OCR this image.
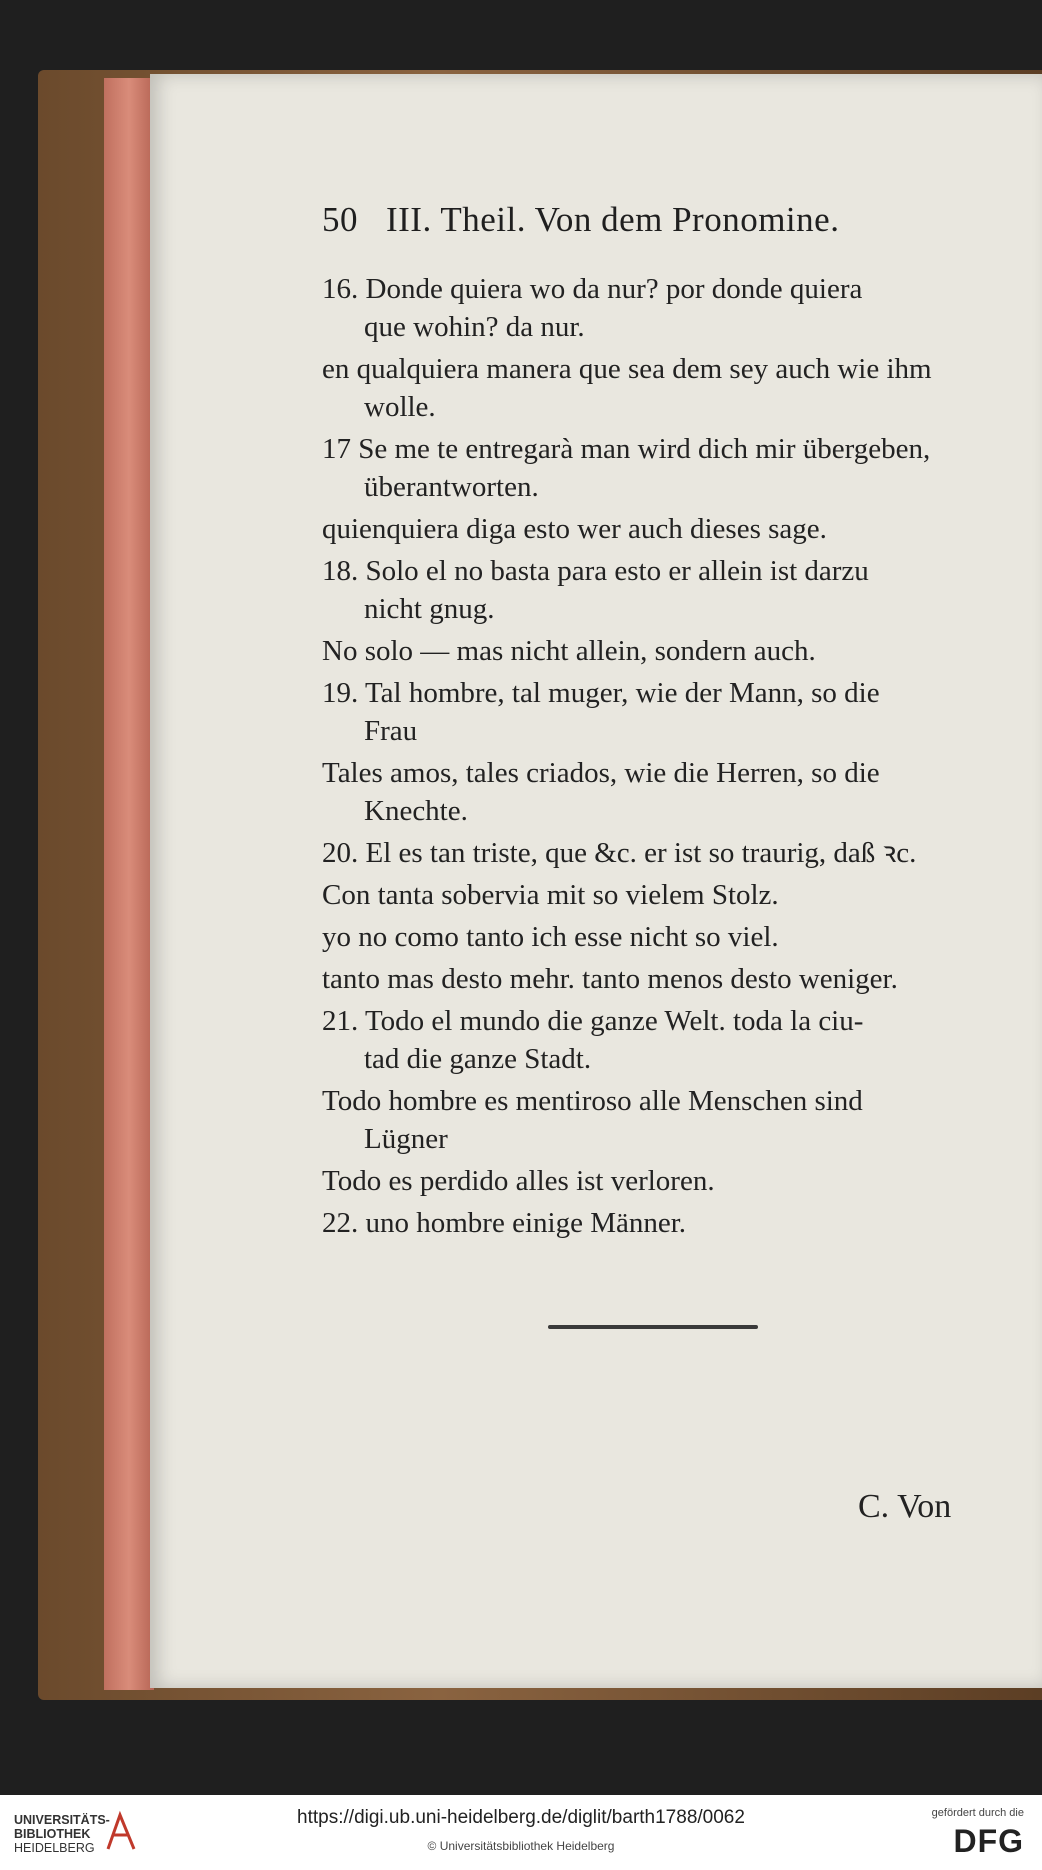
50 III. Theil. Von dem Pronomine.
16. Donde quiera wo da nur? por donde quiera
que wohin? da nur.
en qualquiera manera que sea dem sey auch wie ihm
wolle.
17 Se me te entregarà man wird dich mir übergeben,
überantworten.
quienquiera diga esto wer auch dieses sage.
18. Solo el no basta para esto er allein ist darzu
nicht gnug.
No solo — mas nicht allein, sondern auch.
19. Tal hombre, tal muger, wie der Mann, so die
Frau
Tales amos, tales criados, wie die Herren, so die
Knechte.
20. El es tan triste, que &c. er ist so traurig, daß ꝛc.
Con tanta sobervia mit so vielem Stolz.
yo no como tanto ich esse nicht so viel.
tanto mas desto mehr. tanto menos desto weniger.
21. Todo el mundo die ganze Welt. toda la ciu-
tad die ganze Stadt.
Todo hombre es mentiroso alle Menschen sind
Lügner
Todo es perdido alles ist verloren.
22. uno hombre einige Männer.
C. Von
UNIVERSITÄTS-
BIBLIOTHEK
HEIDELBERG
https://digi.ub.uni-heidelberg.de/diglit/barth1788/0062
© Universitätsbibliothek Heidelberg
gefördert durch die
DFG
